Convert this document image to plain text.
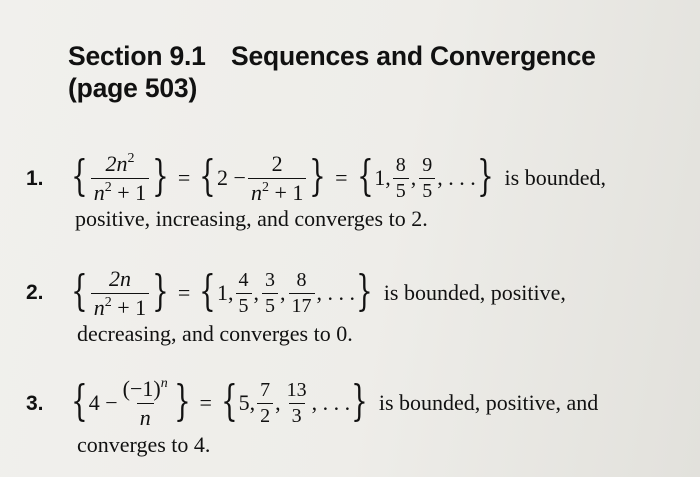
Section 9.1 Sequences and Convergence
(page 503)
1. { $\frac{2n^2}{n^2 + 1}$ } = { $2 - \frac{2}{n^2 + 1}$ } = { 1, $\frac{8}{5}$ , $\frac{9}{5}$ , . . . } is bounded,
positive, increasing, and converges to 2.
2. { $\frac{2n}{n^2 + 1}$ } = { 1, $\frac{4}{5}$ , $\frac{3}{5}$ , $\frac{8}{17}$ , . . . } is bounded, positive,
decreasing, and converges to 0.
3. { $4 - \frac{(-1)^n}{n}$ } = { 5, $\frac{7}{2}$ , $\frac{13}{3}$ , . . . } is bounded, positive, and
converges to 4.
